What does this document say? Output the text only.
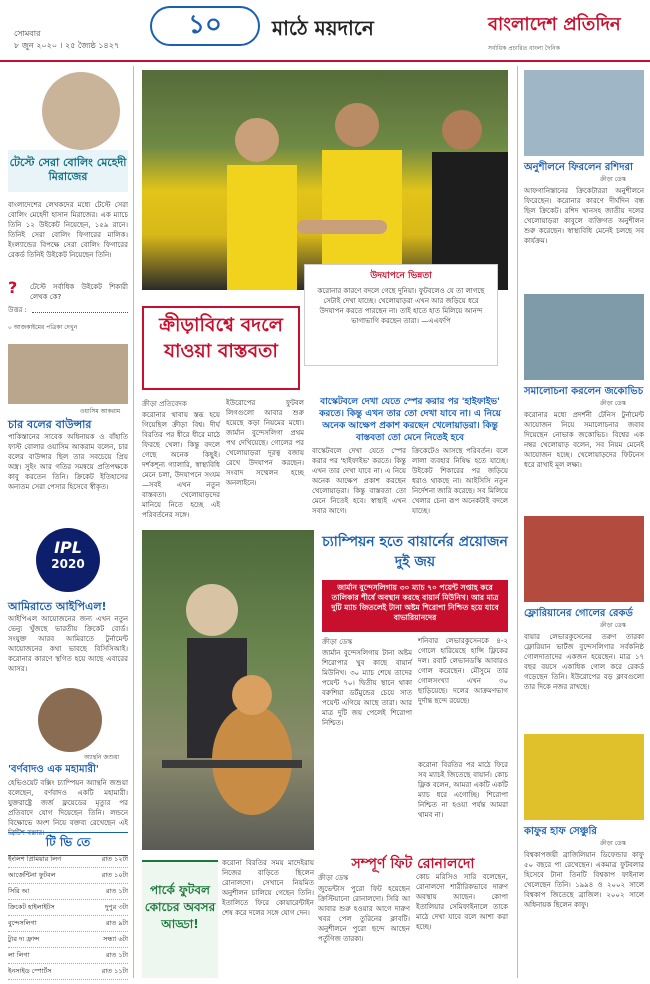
সোমবার
৮ জুন ২০২০ । ২৫ জ্যৈষ্ঠ ১৪২৭
১০	মাঠে ময়দানে	বাংলাদেশ প্রতিদিন
সর্বাধিক প্রচারিত বাংলা দৈনিক
টেস্টে সেরা বোলিং মেহেদী মিরাজের
বাংলাদেশের লেখকদের মধ্যে টেস্টে সেরা বোলিং মেহেদী হাসান মিরাজের। এক ম্যাচে তিনি ১২ উইকেট নিয়েছেন, ১৫৯ রানে। তিনিই সেরা বোলিং ফিগারের মালিক। ইংল্যান্ডের বিপক্ষে সেরা বোলিং ফিগারের রেকর্ড তিনিই উইকেট নিয়েছেন তিনি।
? টেস্টে সর্বাধিক উইকেট শিকারী লেখক কে?
উত্তর :
০ আজকাইমের পত্রিকা দেখুন
ওয়াসিম আকরাম
চার বলের বাউন্সার
পাকিস্তানের সাবেক অধিনায়ক ও বাঁহাতি ফাস্ট বোলার ওয়াসিম আকরাম বলেন, চার বলের বাউন্সার ছিল তার সবচেয়ে প্রিয় অস্ত্র। সুইং আর গতির সমন্বয়ে প্রতিপক্ষকে কাবু করতেন তিনি। ক্রিকেট ইতিহাসের অন্যতম সেরা পেসার হিসেবে স্বীকৃত।
IPL
2020
আমিরাতে আইপিএল!
আইপিএল আয়োজনের জন্য এখন নতুন ভেন্যু খুঁজছে ভারতীয় ক্রিকেট বোর্ড। সংযুক্ত আরব আমিরাতে টুর্নামেন্ট আয়োজনের কথা ভাবছে বিসিসিআই। করোনার কারণে স্থগিত হয়ে আছে এবারের আসর।
অ্যান্থনি জশুয়া
'বর্ণবাদও এক মহামারী'
হেভিওয়েট বক্সিং চ্যাম্পিয়ন অ্যান্থনি জশুয়া বলেছেন, বর্ণবাদও একটি মহামারী। যুক্তরাষ্ট্রে জর্জ ফ্লয়েডের মৃত্যুর পর প্রতিবাদে যোগ দিয়েছেন তিনি। লন্ডনে বিক্ষোভে অংশ নিয়ে বক্তব্য রেখেছেন এই ব্রিটিশ বক্সার।
টি ভি তে
ইংলিশ প্রিমিয়ার লিগ	রাত ১২টা
আর্জেন্টিনা ফুটবল	রাত ১০টা
সিরি আ	রাত ১টা
ক্রিকেট হাইলাইটস	দুপুর ৩টা
বুন্দেসলিগা	রাত ৯টা
ট্যুর দ্য ফ্রান্স	সন্ধ্যা ৬টা
লা লিগা	রাত ১টা
ইনসাইড স্পোর্টস	রাত ১১টা
উদযাপনে ভিন্নতা
করোনার কারণে বদলে গেছে দুনিয়া। ফুটবলেও যে তা লাগছে সেটাই দেখা যাচ্ছে। খেলোয়াড়রা এখন আর জড়িয়ে ধরে উদযাপন করতে পারছেন না। তাই হাতে হাত মিলিয়ে আনন্দ ভাগাভাগি করছেন তারা। —এএফপি
ক্রীড়াবিশ্বে বদলে যাওয়া বাস্তবতা
ক্রীড়া প্রতিবেদক
করোনার থাবায় স্তব্ধ হয়ে গিয়েছিল ক্রীড়া বিশ্ব। দীর্ঘ বিরতির পর ধীরে ধীরে মাঠে ফিরছে খেলা। কিন্তু বদলে গেছে অনেক কিছুই। দর্শকশূন্য গ্যালারি, স্বাস্থ্যবিধি মেনে চলা, উদযাপনে সংযম—সবই এখন নতুন বাস্তবতা। খেলোয়াড়দের মানিয়ে নিতে হচ্ছে এই পরিবর্তনের সঙ্গে।
ইউরোপের ফুটবল লিগগুলো আবার শুরু হয়েছে কড়া নিয়মের মধ্যে। জার্মান বুন্দেসলিগা প্রথম পথ দেখিয়েছে। গোলের পর খেলোয়াড়রা দূরত্ব বজায় রেখে উদযাপন করছেন। সংবাদ সম্মেলন হচ্ছে অনলাইনে।
বাস্কেটবলে দেখা যেতে স্পের করার পর 'হাইফাইভ' করতে। কিন্তু এখন তার তো দেখা যাবে না। এ নিয়ে অনেক আক্ষেপ প্রকাশ করছেন খেলোয়াড়রা। কিন্তু বাস্তবতা তো মেনে নিতেই হবে
বাস্কেটবলে দেখা যেতে স্পের করার পর 'হাইফাইভ' করতে। কিন্তু এখন তার দেখা যাবে না। এ নিয়ে অনেক আক্ষেপ প্রকাশ করছেন খেলোয়াড়রা। কিন্তু বাস্তবতা তো মেনে নিতেই হবে। স্বাস্থ্যই এখন সবার আগে।
ক্রিকেটেও আসছে পরিবর্তন। বলে লালা ব্যবহার নিষিদ্ধ হতে যাচ্ছে। উইকেট শিকারের পর জড়িয়ে ধরাও থাকছে না। আইসিসি নতুন নির্দেশনা জারি করেছে। সব মিলিয়ে খেলার চেনা রূপ অনেকটাই বদলে যাচ্ছে।
চ্যাম্পিয়ন হতে বায়ার্নের প্রয়োজন দুই জয়
জার্মান বুন্দেসলিগায় ৩০ ম্যাচ ৭০ পয়েন্ট সপ্তাহ করে তালিকার শীর্ষে অবস্থান করছে বায়ার্ন মিউনিখ। আর মাত্র দুটি ম্যাচ জিতলেই টানা অষ্টম শিরোপা নিশ্চিত হয়ে যাবে বাভারিয়ানদের
ক্রীড়া ডেস্ক
জার্মান বুন্দেসলিগায় টানা অষ্টম শিরোপার খুব কাছে বায়ার্ন মিউনিখ। ৩০ ম্যাচ শেষে তাদের পয়েন্ট ৭০। দ্বিতীয় স্থানে থাকা বরুশিয়া ডর্টমুন্ডের চেয়ে সাত পয়েন্ট এগিয়ে আছে তারা। আর মাত্র দুটি জয় পেলেই শিরোপা নিশ্চিত।
শনিবার লেভারকুসেনকে ৪-২ গোলে হারিয়েছে হান্সি ফ্লিকের দল। রবার্ট লেভানডস্কি আবারও গোল করেছেন। মৌসুমে তার গোলসংখ্যা এখন ৩০ ছাড়িয়েছে। দলের আক্রমণভাগ দুর্দান্ত ছন্দে রয়েছে।
করোনা বিরতির পর মাঠে ফিরে সব ম্যাচই জিতেছে বায়ার্ন। কোচ ফ্লিক বলেন, আমরা একটি একটি ম্যাচ ধরে এগোচ্ছি। শিরোপা নিশ্চিত না হওয়া পর্যন্ত আমরা থামব না।
সম্পূর্ণ ফিট রোনালদো
পার্কে ফুটবল কোচের অবসর আড্ডা!
করোনা বিরতির সময় মাদেইরায় নিজের বাড়িতে ছিলেন রোনালদো। সেখানে নিয়মিত অনুশীলন চালিয়ে গেছেন তিনি। ইতালিতে ফিরে কোয়ারেন্টাইন শেষ করে দলের সঙ্গে যোগ দেন।
ক্রীড়া ডেস্ক
জুভেন্টাস পুরো ফিট হয়েছেন ক্রিস্টিয়ানো রোনালদো। সিরি আ আবার শুরু হওয়ার আগে দারুণ খবর পেল তুরিনের ক্লাবটি। অনুশীলনে পুরো ছন্দে আছেন পর্তুগিজ তারকা।
কোচ মরিসিও সারি বলেছেন, রোনালদো শারীরিকভাবে দারুণ অবস্থায় আছেন। কোপা ইতালিয়ার সেমিফাইনালে তাকে মাঠে দেখা যাবে বলে আশা করা হচ্ছে।
অনুশীলনে ফিরলেন রশিদরা
ক্রীড়া ডেস্ক
আফগানিস্তানের ক্রিকেটাররা অনুশীলনে ফিরেছেন। করোনার কারণে দীর্ঘদিন বন্ধ ছিল ক্রিকেট। রশিদ খানসহ জাতীয় দলের খেলোয়াড়রা কাবুলে ব্যক্তিগত অনুশীলন শুরু করেছেন। স্বাস্থ্যবিধি মেনেই চলছে সব কার্যক্রম।
সমালোচনা করলেন জকোভিচ
ক্রীড়া ডেস্ক
করোনার মধ্যে প্রদর্শনী টেনিস টুর্নামেন্ট আয়োজন নিয়ে সমালোচনার জবাব দিয়েছেন নোভাক জকোভিচ। বিশ্বের এক নম্বর খেলোয়াড় বলেন, সব নিয়ম মেনেই আয়োজন হচ্ছে। খেলোয়াড়দের ফিটনেস ধরে রাখাই মূল লক্ষ্য।
ফ্লোরিয়ানের গোলের রেকর্ড
ক্রীড়া ডেস্ক
বায়ার লেভারকুসেনের তরুণ তারকা ফ্লোরিয়ান ভার্টজ বুন্দেসলিগার সর্বকনিষ্ঠ গোলদাতাদের একজন হয়েছেন। মাত্র ১৭ বছর বয়সে একাধিক গোল করে রেকর্ড গড়েছেন তিনি। ইউরোপের বড় ক্লাবগুলো তার দিকে নজর রাখছে।
কাফুর হাফ সেঞ্চুরি
ক্রীড়া ডেস্ক
বিশ্বকাপজয়ী ব্রাজিলিয়ান ডিফেন্ডার কাফু ৫০ বছরে পা রেখেছেন। একমাত্র ফুটবলার হিসেবে টানা তিনটি বিশ্বকাপ ফাইনাল খেলেছেন তিনি। ১৯৯৪ ও ২০০২ সালে বিশ্বকাপ জিতেছে ব্রাজিল। ২০০২ সালে অধিনায়ক ছিলেন কাফু।
